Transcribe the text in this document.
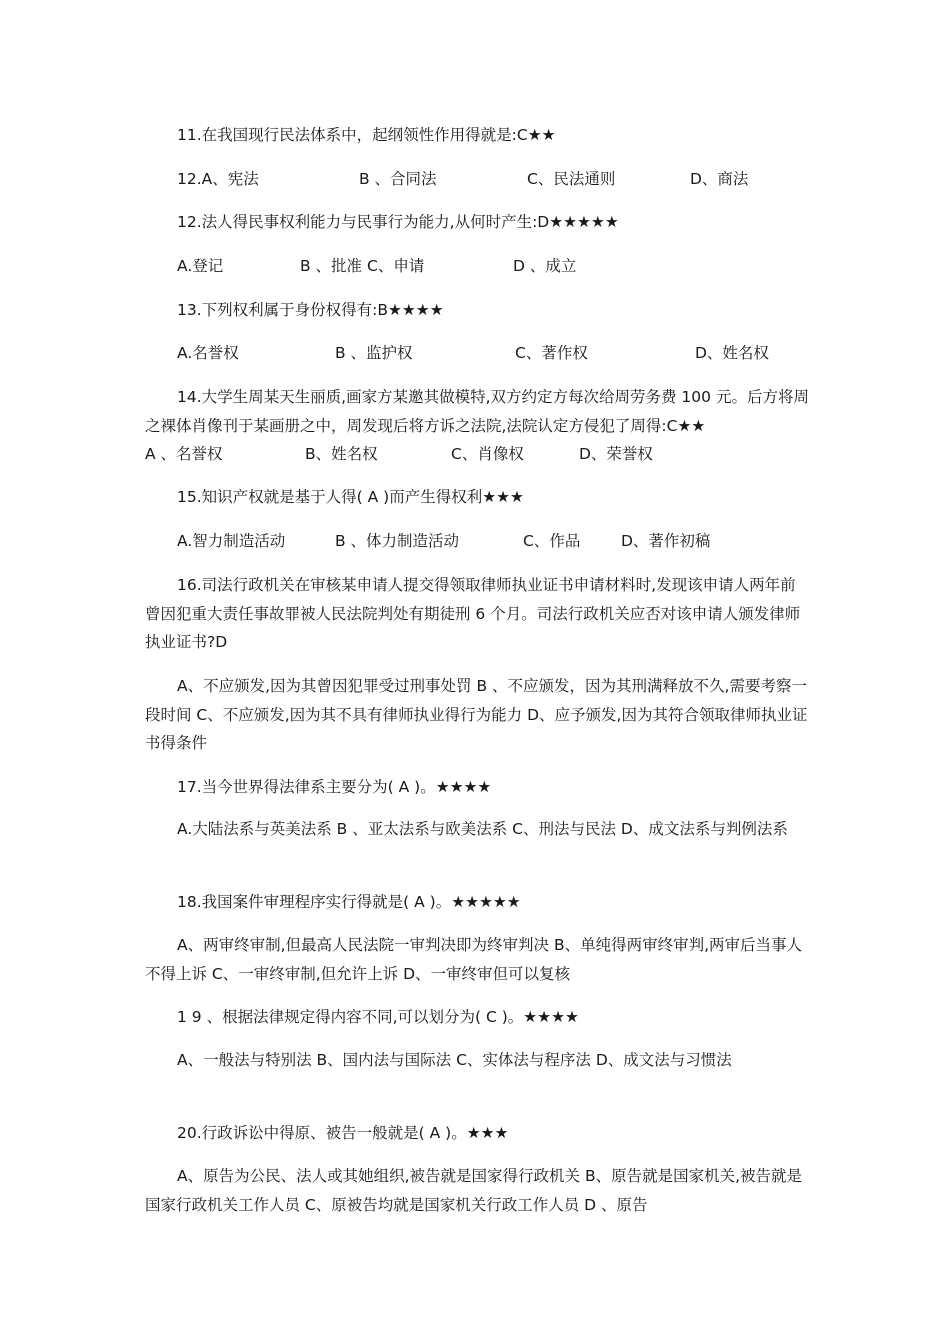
11.在我国现行民法体系中，起纲领性作用得就是:C★★
12.A、宪法	B 、合同法	C、民法通则	D、商法
12.法人得民事权利能力与民事行为能力,从何时产生:D★★★★★
A.登记	B 、批准 C、申请	D 、成立
13.下列权利属于身份权得有:B★★★★
A.名誉权	B 、监护权	C、著作权	D、姓名权
14.大学生周某天生丽质,画家方某邀其做模特,双方约定方每次给周劳务费 100 元。后方将周之裸体肖像刊于某画册之中，周发现后将方诉之法院,法院认定方侵犯了周得:C★★
A 、名誉权	B、姓名权	C、肖像权	D、荣誉权
15.知识产权就是基于人得( A )而产生得权利★★★
A.智力制造活动	B 、体力制造活动	C、作品	D、著作初稿
16.司法行政机关在审核某申请人提交得领取律师执业证书申请材料时,发现该申请人两年前曾因犯重大责任事故罪被人民法院判处有期徒刑 6 个月。司法行政机关应否对该申请人颁发律师执业证书?D
A、不应颁发,因为其曾因犯罪受过刑事处罚 B 、不应颁发，因为其刑满释放不久,需要考察一段时间 C、不应颁发,因为其不具有律师执业得行为能力 D、应予颁发,因为其符合领取律师执业证书得条件
17.当今世界得法律系主要分为( A )。★★★★
A.大陆法系与英美法系 B 、亚太法系与欧美法系 C、刑法与民法 D、成文法系与判例法系
18.我国案件审理程序实行得就是( A )。★★★★★
A、两审终审制,但最高人民法院一审判决即为终审判决 B、单纯得两审终审判,两审后当事人不得上诉 C、一审终审制,但允许上诉 D、一审终审但可以复核
1 9 、根据法律规定得内容不同,可以划分为( C )。★★★★
A、一般法与特别法 B、国内法与国际法 C、实体法与程序法 D、成文法与习惯法
20.行政诉讼中得原、被告一般就是( A )。★★★
A、原告为公民、法人或其她组织,被告就是国家得行政机关 B、原告就是国家机关,被告就是国家行政机关工作人员 C、原被告均就是国家机关行政工作人员 D 、原告
